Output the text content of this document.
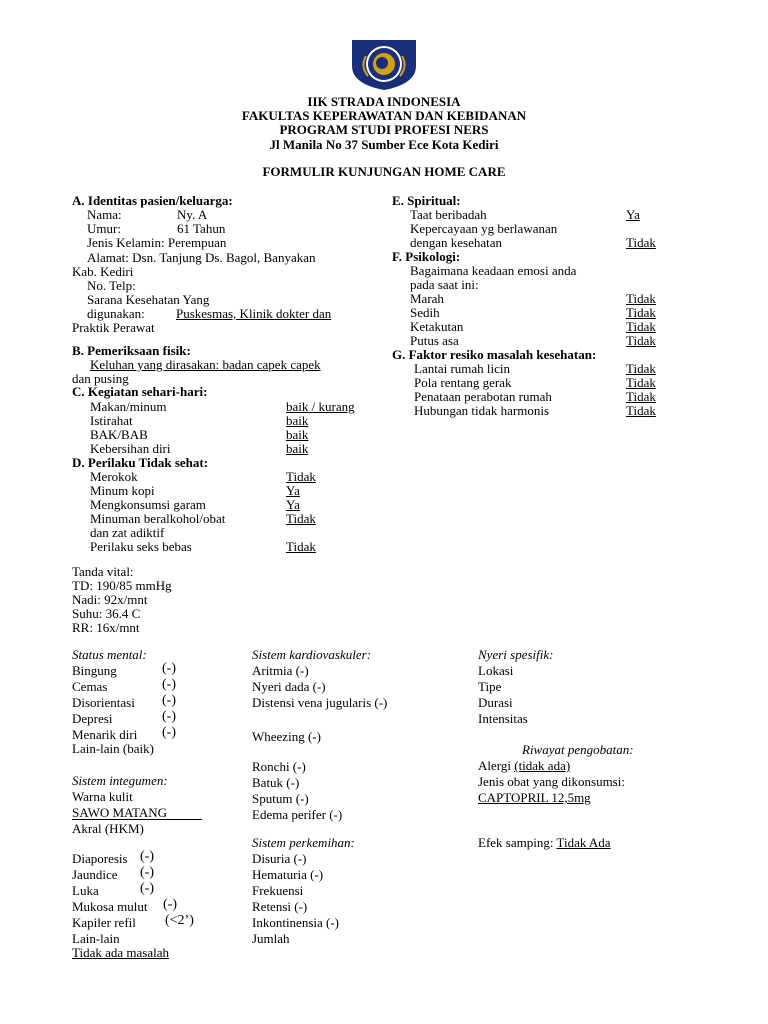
IIK STRADA INDONESIA
FAKULTAS KEPERAWATAN DAN KEBIDANAN
PROGRAM STUDI PROFESI NERS
Jl Manila No 37 Sumber Ece Kota Kediri
FORMULIR KUNJUNGAN HOME CARE
A. Identitas pasien/keluarga:
Nama:	Ny. A
Umur:	61 Tahun
Jenis Kelamin: Perempuan
Alamat: Dsn. Tanjung Ds. Bagol, Banyakan
Kab. Kediri
No. Telp:
Sarana Kesehatan Yang
digunakan: Puskesmas, Klinik dokter dan
Praktik Perawat
B. Pemeriksaan fisik:
Keluhan yang dirasakan: badan capek capek
dan pusing
C. Kegiatan sehari-hari:
Makan/minum	baik / kurang
Istirahat	baik
BAK/BAB	baik
Kebersihan diri	baik
D. Perilaku Tidak sehat:
Merokok	Tidak
Minum kopi	Ya
Mengkonsumsi garam	Ya
Minuman beralkohol/obat	Tidak
dan zat adiktif
Perilaku seks bebas	Tidak
E. Spiritual:
Taat beribadah	Ya
Kepercayaan yg berlawanan
dengan kesehatan	Tidak
F. Psikologi:
Bagaimana keadaan emosi anda
pada saat ini:
Marah	Tidak
Sedih	Tidak
Ketakutan	Tidak
Putus asa	Tidak
G. Faktor resiko masalah kesehatan:
Lantai rumah licin	Tidak
Pola rentang gerak	Tidak
Penataan perabotan rumah	Tidak
Hubungan tidak harmonis	Tidak
Tanda vital:
TD: 190/85 mmHg
Nadi: 92x/mnt
Suhu: 36.4 C
RR: 16x/mnt
Status mental:
Bingung	(-)
Cemas	(-)
Disorientasi (-)
Depresi	(-)
Menarik diri (-)
Lain-lain (baik)
Sistem integumen:
Warna kulit
SAWO MATANG
Akral (HKM)
Diaporesis (-)
Jaundice (-)
Luka	(-)
Mukosa mulut (-)
Kapiler refil (<2’)
Lain-lain
Tidak ada masalah
Sistem kardiovaskuler:
Aritmia (-)
Nyeri dada (-)
Distensi vena jugularis (-)
Wheezing (-)
Ronchi (-)
Batuk (-)
Sputum (-)
Edema perifer (-)
Sistem perkemihan:
Disuria (-)
Hematuria (-)
Frekuensi
Retensi (-)
Inkontinensia (-)
Jumlah
Nyeri spesifik:
Lokasi
Tipe
Durasi
Intensitas
Riwayat pengobatan:
Alergi (tidak ada)
Jenis obat yang dikonsumsi:
CAPTOPRIL 12,5mg
Efek samping: Tidak Ada
